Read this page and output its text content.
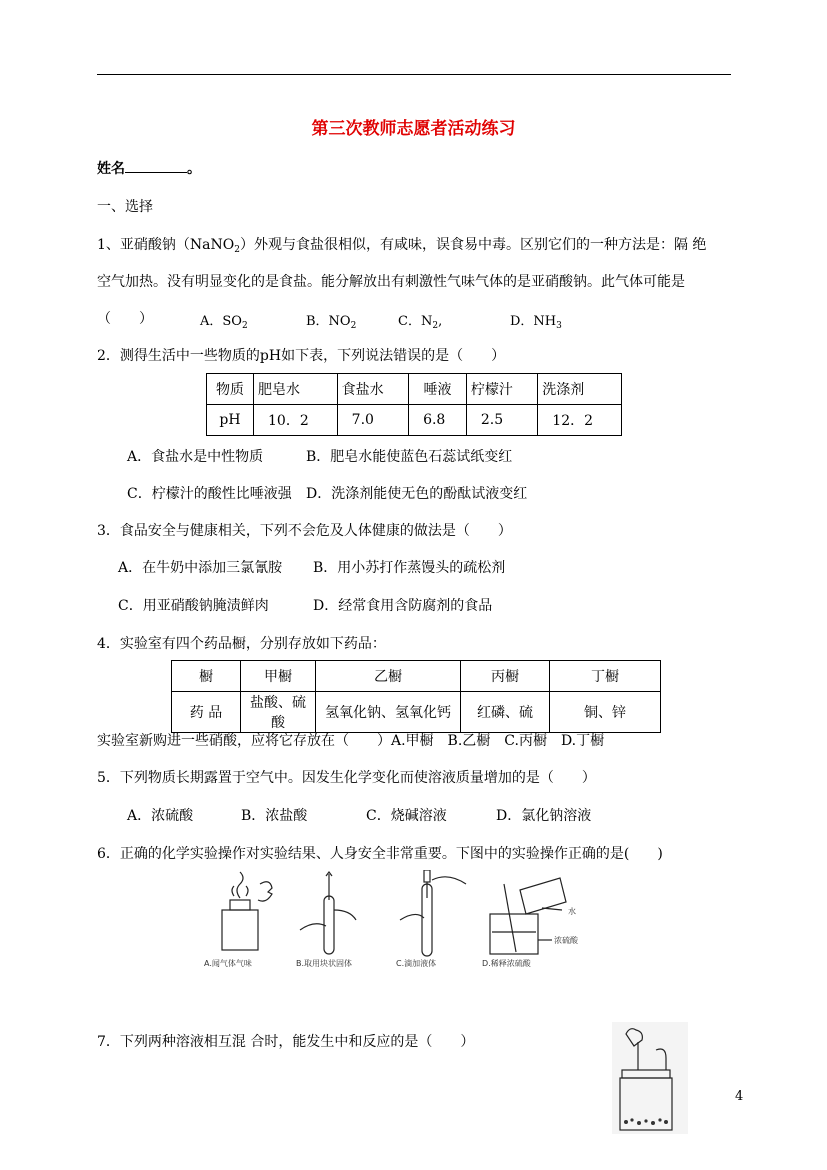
第三次教师志愿者活动练习
姓名	。
一、选择
1、亚硝酸钠（NaNO$_2$）外观与食盐很相似，有咸味，误食易中毒。区别它们的一种方法是：隔 绝
空气加热。没有明显变化的是食盐。能分解放出有刺激性气味气体的是亚硝酸钠。此气体可能是
（　　）	A．$SO_2$	B．$NO_2$	C．$N_2$,	D．$NH_3$
2．测得生活中一些物质的pH如下表，下列说法错误的是（　　）
物质	肥皂水	食盐水	唾液	柠檬汁	洗涤剂
pH	10．2	7.0	6.8	2.5	12．2
A．食盐水是中性物质	B．肥皂水能使蓝色石蕊试纸变红
C．柠檬汁的酸性比唾液强 D．洗涤剂能使无色的酚酞试液变红
3．食品安全与健康相关，下列不会危及人体健康的做法是（　　）
A．在牛奶中添加三氯氰胺 B．用小苏打作蒸馒头的疏松剂
C．用亚硝酸钠腌渍鲜肉	D．经常食用含防腐剂的食品
4．实验室有四个药品橱，分别存放如下药品：
橱	甲橱	乙橱	丙橱	丁橱
药 品	盐酸、硫酸	氢氧化钠、氢氧化钙	红磷、硫	铜、锌
实验室新购进一些硝酸，应将它存放在（　　）A.甲橱　B.乙橱　C.丙橱　D.丁橱
5．下列物质长期露置于空气中。因发生化学变化而使溶液质量增加的是（　　）
A．浓硫酸	B．浓盐酸	C．烧碱溶液	D．氯化钠溶液
6．正确的化学实验操作对实验结果、人身安全非常重要。下图中的实验操作正确的是(　　)
水
浓硫酸
A.闻气体气味	B.取用块状固体	C.滴加液体	D.稀释浓硫酸
7．下列两种溶液相互混 合时，能发生中和反应的是（　　）
4
